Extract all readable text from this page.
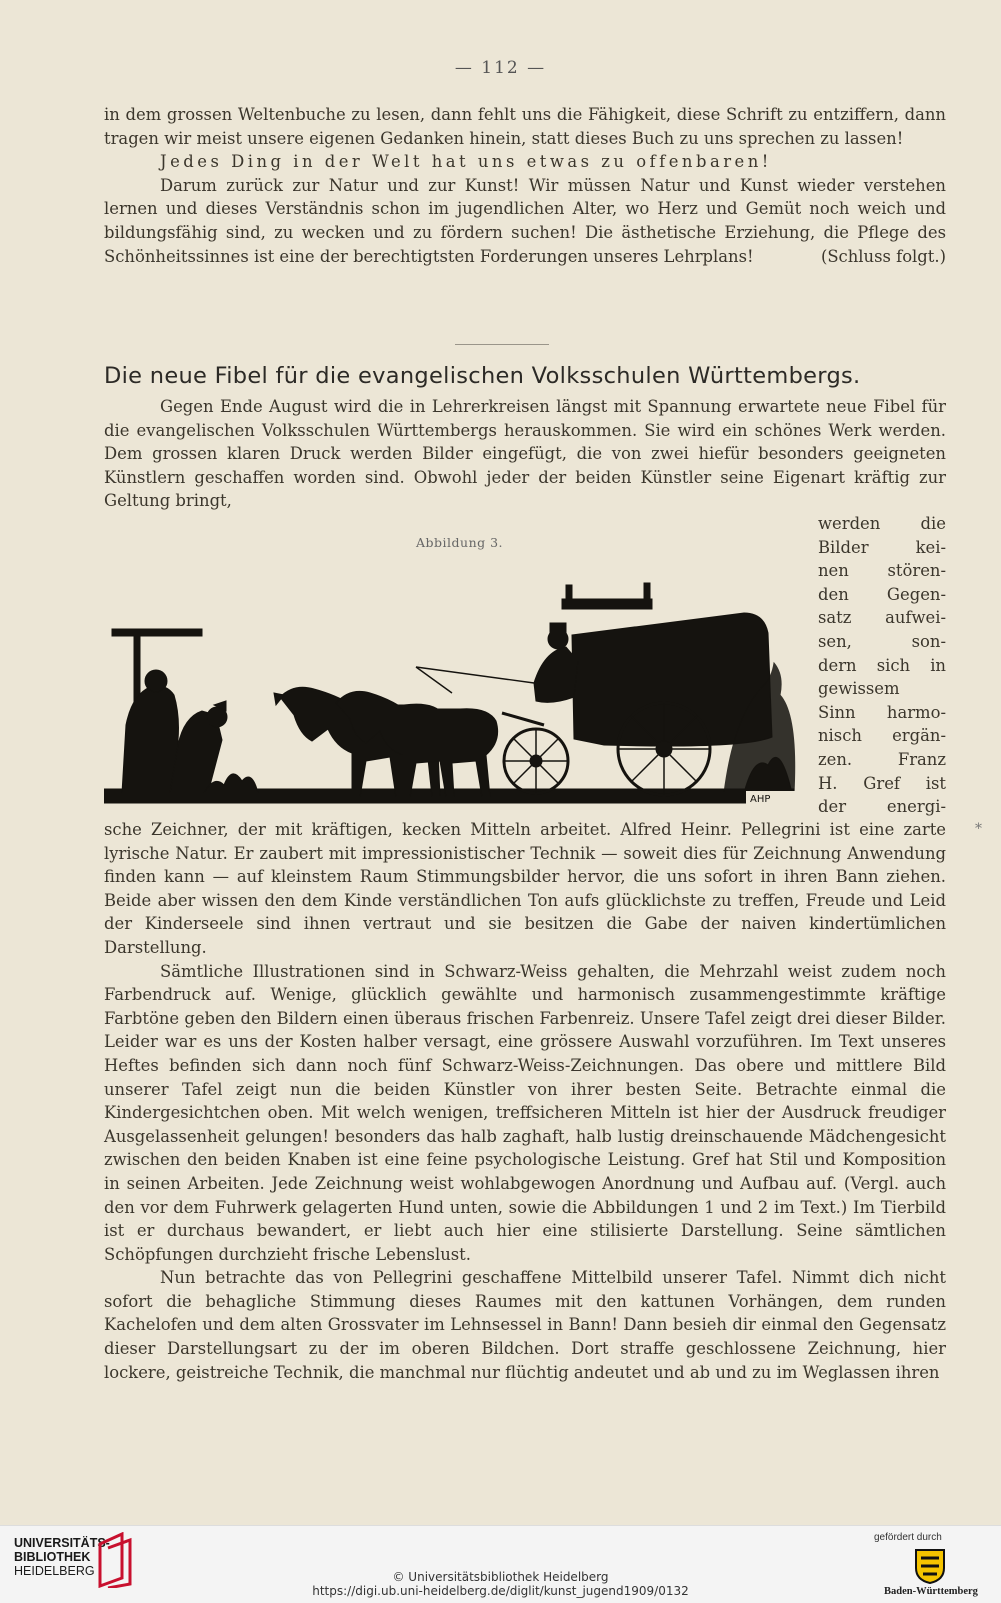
— 112 —

in dem grossen Weltenbuche zu lesen, dann fehlt uns die Fähigkeit, diese Schrift zu entziffern, dann tragen wir meist unsere eigenen Gedanken hinein, statt dieses Buch zu uns sprechen zu lassen!

Jedes Ding in der Welt hat uns etwas zu offenbaren!

Darum zurück zur Natur und zur Kunst! Wir müssen Natur und Kunst wieder verstehen lernen und dieses Verständnis schon im jugendlichen Alter, wo Herz und Gemüt noch weich und bildungsfähig sind, zu wecken und zu fördern suchen! Die ästhetische Erziehung, die Pflege des Schönheitssinnes ist eine der berechtigtsten Forderungen unseres Lehrplans!	(Schluss folgt.)

Die neue Fibel für die evangelischen Volksschulen Württembergs.

Gegen Ende August wird die in Lehrerkreisen längst mit Spannung erwartete neue Fibel für die evangelischen Volksschulen Württembergs herauskommen. Sie wird ein schönes Werk werden. Dem grossen klaren Druck werden Bilder eingefügt, die von zwei hiefür besonders geeigneten Künstlern geschaffen worden sind. Obwohl jeder der beiden Künstler seine Eigenart kräftig zur Geltung bringt,

Abbildung 3.
AHP
werden die
Bilder kei-
nen stören-
den Gegen-
satz aufwei-
sen, son-
dern sich in
gewissem
Sinn harmo-
nisch ergän-
zen. Franz
H. Gref ist
der energi-

sche Zeichner, der mit kräftigen, kecken Mitteln arbeitet. Alfred Heinr. Pellegrini ist eine zarte lyrische Natur. Er zaubert mit impressionistischer Technik — soweit dies für Zeichnung Anwendung finden kann — auf kleinstem Raum Stimmungsbilder hervor, die uns sofort in ihren Bann ziehen. Beide aber wissen den dem Kinde verständlichen Ton aufs glücklichste zu treffen, Freude und Leid der Kinderseele sind ihnen vertraut und sie besitzen die Gabe der naiven kindertümlichen Darstellung.

Sämtliche Illustrationen sind in Schwarz-Weiss gehalten, die Mehrzahl weist zudem noch Farbendruck auf. Wenige, glücklich gewählte und harmonisch zusammengestimmte kräftige Farbtöne geben den Bildern einen überaus frischen Farbenreiz. Unsere Tafel zeigt drei dieser Bilder. Leider war es uns der Kosten halber versagt, eine grössere Auswahl vorzuführen. Im Text unseres Heftes befinden sich dann noch fünf Schwarz-Weiss-Zeichnungen. Das obere und mittlere Bild unserer Tafel zeigt nun die beiden Künstler von ihrer besten Seite. Betrachte einmal die Kindergesichtchen oben. Mit welch wenigen, treffsicheren Mitteln ist hier der Ausdruck freudiger Ausgelassenheit gelungen! besonders das halb zaghaft, halb lustig dreinschauende Mädchengesicht zwischen den beiden Knaben ist eine feine psychologische Leistung. Gref hat Stil und Komposition in seinen Arbeiten. Jede Zeichnung weist wohlabgewogen Anordnung und Aufbau auf. (Vergl. auch den vor dem Fuhrwerk gelagerten Hund unten, sowie die Abbildungen 1 und 2 im Text.) Im Tierbild ist er durchaus bewandert, er liebt auch hier eine stilisierte Darstellung. Seine sämtlichen Schöpfungen durchzieht frische Lebenslust.

Nun betrachte das von Pellegrini geschaffene Mittelbild unserer Tafel. Nimmt dich nicht sofort die behagliche Stimmung dieses Raumes mit den kattunen Vorhängen, dem runden Kachelofen und dem alten Grossvater im Lehnsessel in Bann! Dann besieh dir einmal den Gegensatz dieser Darstellungsart zu der im oberen Bildchen. Dort straffe geschlossene Zeichnung, hier lockere, geistreiche Technik, die manchmal nur flüchtig andeutet und ab und zu im Weglassen ihren

*
UNIVERSITÄTS-
BIBLIOTHEK
HEIDELBERG	© Universitätsbibliothek Heidelberg
https://digi.ub.uni-heidelberg.de/diglit/kunst_jugend1909/0132
gefördert durch
Baden-Württemberg
